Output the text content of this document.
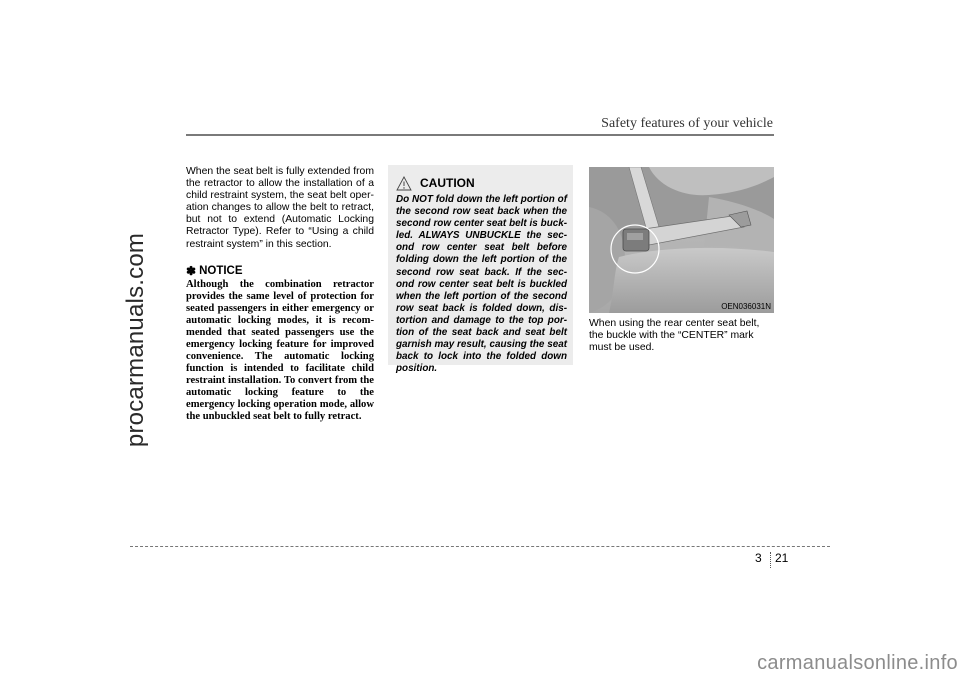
procarmanuals.com
Safety features of your vehicle

When the seat belt is fully extended from the retractor to allow the installation of a child restraint system, the seat belt oper-ation changes to allow the belt to retract, but not to extend (Automatic Locking Retractor Type). Refer to “Using a child restraint system” in this section.

✽ NOTICE

Although the combination retractor provides the same level of protection for seated passengers in either emergency or automatic locking modes, it is recom-mended that seated passengers use the emergency locking feature for improved convenience. The automatic locking function is intended to facilitate child restraint installation. To convert from the automatic locking feature to the emergency locking operation mode, allow the unbuckled seat belt to fully retract.

CAUTION

Do NOT fold down the left portion of the second row seat back when the second row center seat belt is buck-led. ALWAYS UNBUCKLE the sec-ond row center seat belt before folding down the left portion of the second row seat back. If the sec-ond row center seat belt is buckled when the left portion of the second row seat back is folded down, dis-tortion and damage to the top por-tion of the seat back and seat belt garnish may result, causing the seat back to lock into the folded down position.

OEN036031N

When using the rear center seat belt, the buckle with the “CENTER” mark must be used.

3 21
carmanualsonline.info
